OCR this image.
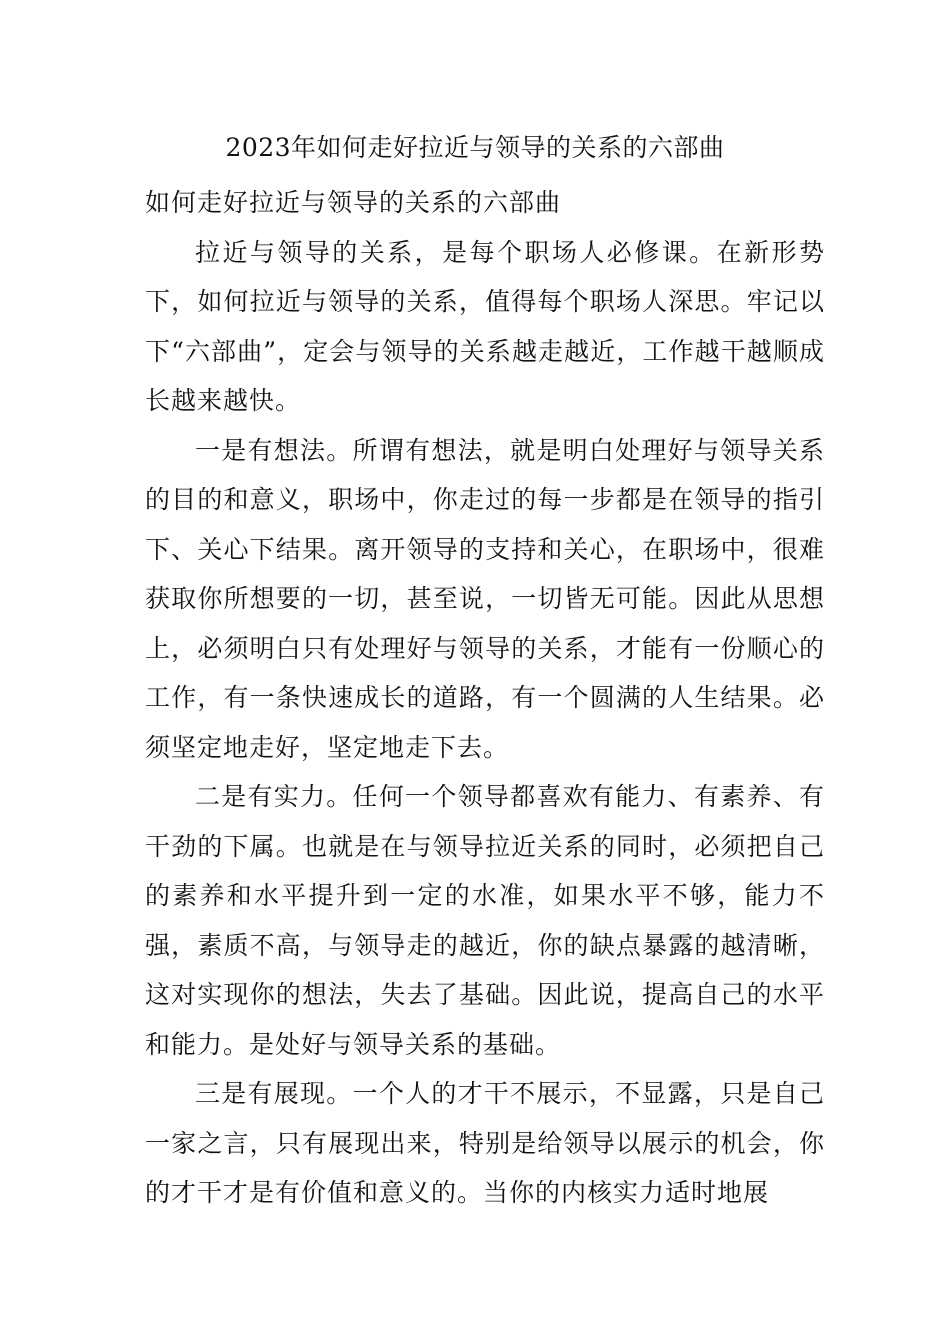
2023年如何走好拉近与领导的关系的六部曲

如何走好拉近与领导的关系的六部曲

拉近与领导的关系，是每个职场人必修课。在新形势下，如何拉近与领导的关系，值得每个职场人深思。牢记以下“六部曲”，定会与领导的关系越走越近，工作越干越顺成长越来越快。

一是有想法。所谓有想法，就是明白处理好与领导关系的目的和意义，职场中，你走过的每一步都是在领导的指引下、关心下结果。离开领导的支持和关心，在职场中，很难获取你所想要的一切，甚至说，一切皆无可能。因此从思想上，必须明白只有处理好与领导的关系，才能有一份顺心的工作，有一条快速成长的道路，有一个圆满的人生结果。必须坚定地走好，坚定地走下去。

二是有实力。任何一个领导都喜欢有能力、有素养、有干劲的下属。也就是在与领导拉近关系的同时，必须把自己的素养和水平提升到一定的水准，如果水平不够，能力不强，素质不高，与领导走的越近，你的缺点暴露的越清晰，这对实现你的想法，失去了基础。因此说，提高自己的水平和能力。是处好与领导关系的基础。

三是有展现。一个人的才干不展示，不显露，只是自己一家之言，只有展现出来，特别是给领导以展示的机会，你的才干才是有价值和意义的。当你的内核实力适时地展
